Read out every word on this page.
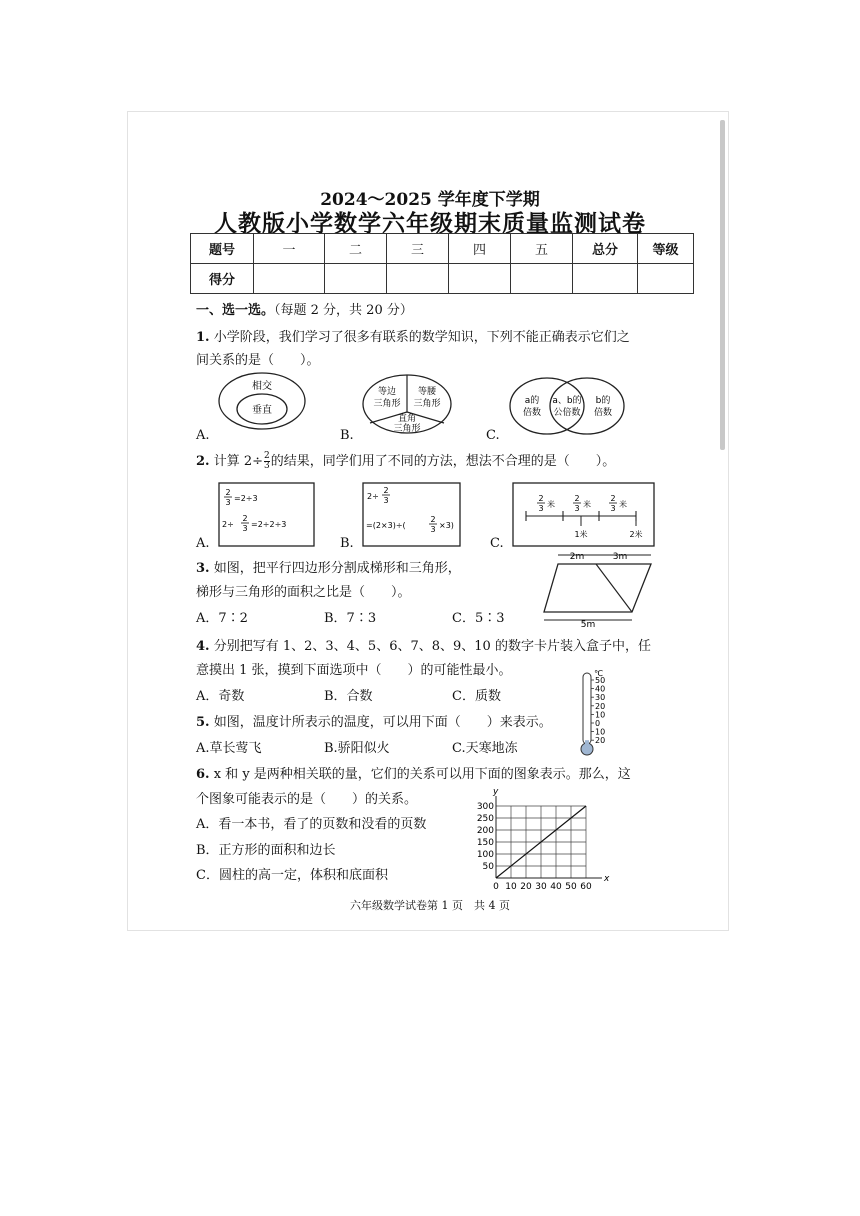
2024～2025 学年度下学期
人教版小学数学六年级期末质量监测试卷
题号	一	二	三	四	五	总分	等级
得分							
一、选一选。（每题 2 分，共 20 分）
1. 小学阶段，我们学习了很多有联系的数学知识，下列不能正确表示它们之
间关系的是（　　）。
A.	B.	C.
相交
垂直
等边
三角形
等腰
三角形
直角
三角形
a的
倍数
a、b的
公倍数
b的
倍数
2. 计算 $2\div \frac{2}{3}$ 的结果，同学们用了不同的方法，想法不合理的是（　　）。
A.	B.	C.
2
3 =2÷3
2÷
2
3 =2÷2÷3
2÷
2
3
=(2×3)÷(
2
3 ×3)
2
3 米
2
3 米
2
3 米
1米	2米
3. 如图，把平行四边形分割成梯形和三角形，
梯形与三角形的面积之比是（　　）。
A．7∶2	B．7∶3	C．5∶3
2m	3m
5m
4. 分别把写有 1、2、3、4、5、6、7、8、9、10 的数字卡片装入盒子中，任
意摸出 1 张，摸到下面选项中（　　）的可能性最小。
A．奇数	B．合数	C．质数
℃
50
40
30
20
10
0
10
20
5. 如图，温度计所表示的温度，可以用下面（　　）来表示。
A.草长莺飞	B.骄阳似火	C.天寒地冻
6. x 和 y 是两种相关联的量，它们的关系可以用下面的图象表示。那么，这
个图象可能表示的是（　　）的关系。
A．看一本书，看了的页数和没看的页数
B．正方形的面积和边长
C．圆柱的高一定，体积和底面积
0 10 20 30 40 50 60
50
100
150
200
250
300
y
x
六年级数学试卷第 1 页　共 4 页
